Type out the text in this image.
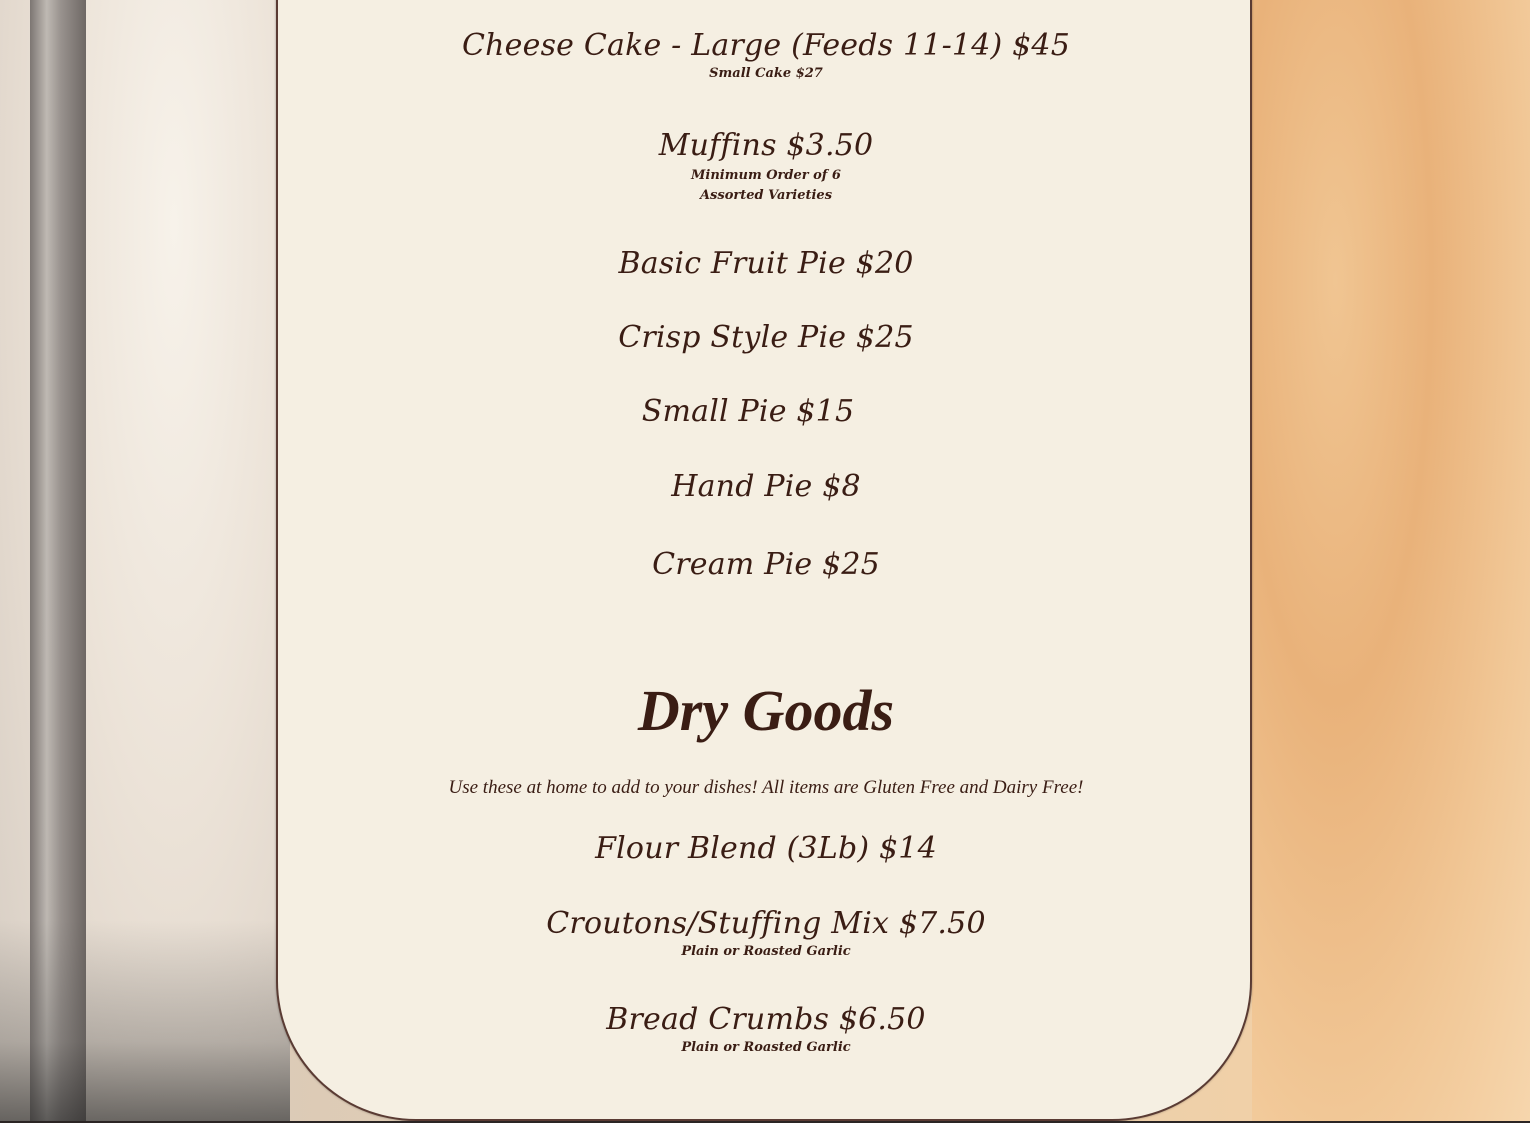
Cheese Cake - Large (Feeds 11-14) $45
Small Cake $27
Muffins $3.50
Minimum Order of 6
Assorted Varieties
Basic Fruit Pie $20
Crisp Style Pie $25
Small Pie $15
Hand Pie $8
Cream Pie $25
Dry Goods
Use these at home to add to your dishes! All items are Gluten Free and Dairy Free!
Flour Blend (3Lb) $14
Croutons/Stuffing Mix $7.50
Plain or Roasted Garlic
Bread Crumbs $6.50
Plain or Roasted Garlic
